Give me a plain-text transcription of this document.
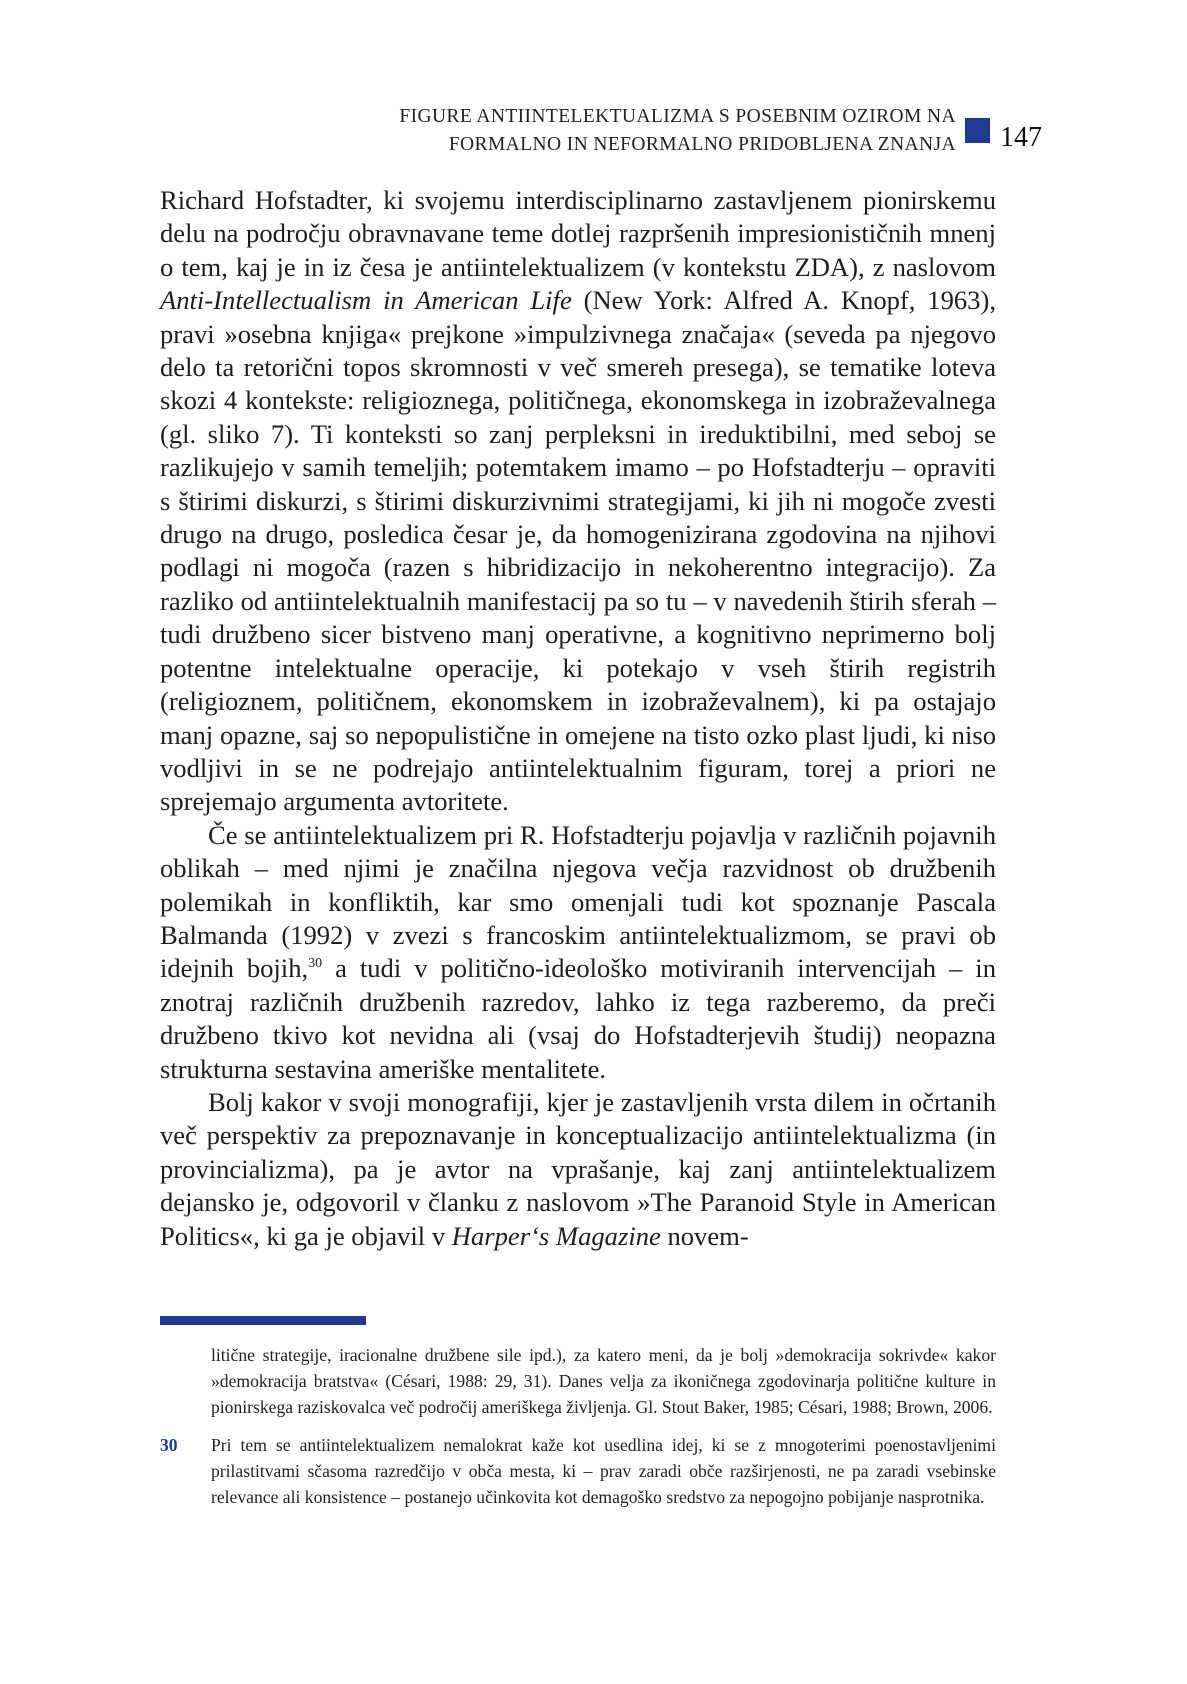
FIGURE ANTIINTELEKTUALIZMA S POSEBNIM OZIROM NA
FORMALNO IN NEFORMALNO PRIDOBLJENA ZNANJA 147

Richard Hofstadter, ki svojemu interdisciplinarno zastavljenem pionirskemu delu na področju obravnavane teme dotlej razpršenih impresionističnih mnenj o tem, kaj je in iz česa je antiintelektualizem (v kontekstu ZDA), z naslovom Anti-Intellectualism in American Life (New York: Alfred A. Knopf, 1963), pravi »osebna knjiga« prejkone »impulzivnega značaja« (seveda pa njegovo delo ta retorični topos skromnosti v več smereh presega), se tematike loteva skozi 4 kontekste: religioznega, političnega, ekonomskega in izobraževalnega (gl. sliko 7). Ti konteksti so zanj perpleksni in ireduktibilni, med seboj se razlikujejo v samih temeljih; potemtakem imamo – po Hofstadterju – opraviti s štirimi diskurzi, s štirimi diskurzivnimi strategijami, ki jih ni mogoče zvesti drugo na drugo, posledica česar je, da homogenizirana zgodovina na njihovi podlagi ni mogoča (razen s hibridizacijo in nekoherentno integracijo). Za razliko od antiintelektualnih manifestacij pa so tu – v navedenih štirih sferah – tudi družbeno sicer bistveno manj operativne, a kognitivno neprimerno bolj potentne intelektualne operacije, ki potekajo v vseh štirih registrih (religioznem, političnem, ekonomskem in izobraževalnem), ki pa ostajajo manj opazne, saj so nepopulistične in omejene na tisto ozko plast ljudi, ki niso vodljivi in se ne podrejajo antiintelektualnim figuram, torej a priori ne sprejemajo argumenta avtoritete.

Če se antiintelektualizem pri R. Hofstadterju pojavlja v različnih pojavnih oblikah – med njimi je značilna njegova večja razvidnost ob družbenih polemikah in konfliktih, kar smo omenjali tudi kot spoznanje Pascala Balmanda (1992) v zvezi s francoskim antiintelektualizmom, se pravi ob idejnih bojih,$^{30}$ a tudi v politično-ideološko motiviranih intervencijah – in znotraj različnih družbenih razredov, lahko iz tega razberemo, da preči družbeno tkivo kot nevidna ali (vsaj do Hofstadterjevih študij) neopazna strukturna sestavina ameriške mentalitete.

Bolj kakor v svoji monografiji, kjer je zastavljenih vrsta dilem in očrtanih več perspektiv za prepoznavanje in konceptualizacijo antiintelektualizma (in provincializma), pa je avtor na vprašanje, kaj zanj antiintelektualizem dejansko je, odgovoril v članku z naslovom »The Paranoid Style in American Politics«, ki ga je objavil v Harper‘s Magazine novem-

litične strategije, iracionalne družbene sile ipd.), za katero meni, da je bolj »demokracija sokrivde« kakor »demokracija bratstva« (Césari, 1988: 29, 31). Danes velja za ikoničnega zgodovinarja politične kulture in pionirskega raziskovalca več področij ameriškega življenja. Gl. Stout Baker, 1985; Césari, 1988; Brown, 2006.

30 Pri tem se antiintelektualizem nemalokrat kaže kot usedlina idej, ki se z mnogoterimi poenostavljenimi prilastitvami sčasoma razredčijo v obča mesta, ki – prav zaradi obče razširjenosti, ne pa zaradi vsebinske relevance ali konsistence – postanejo učinkovita kot demagoško sredstvo za nepogojno pobijanje nasprotnika.
